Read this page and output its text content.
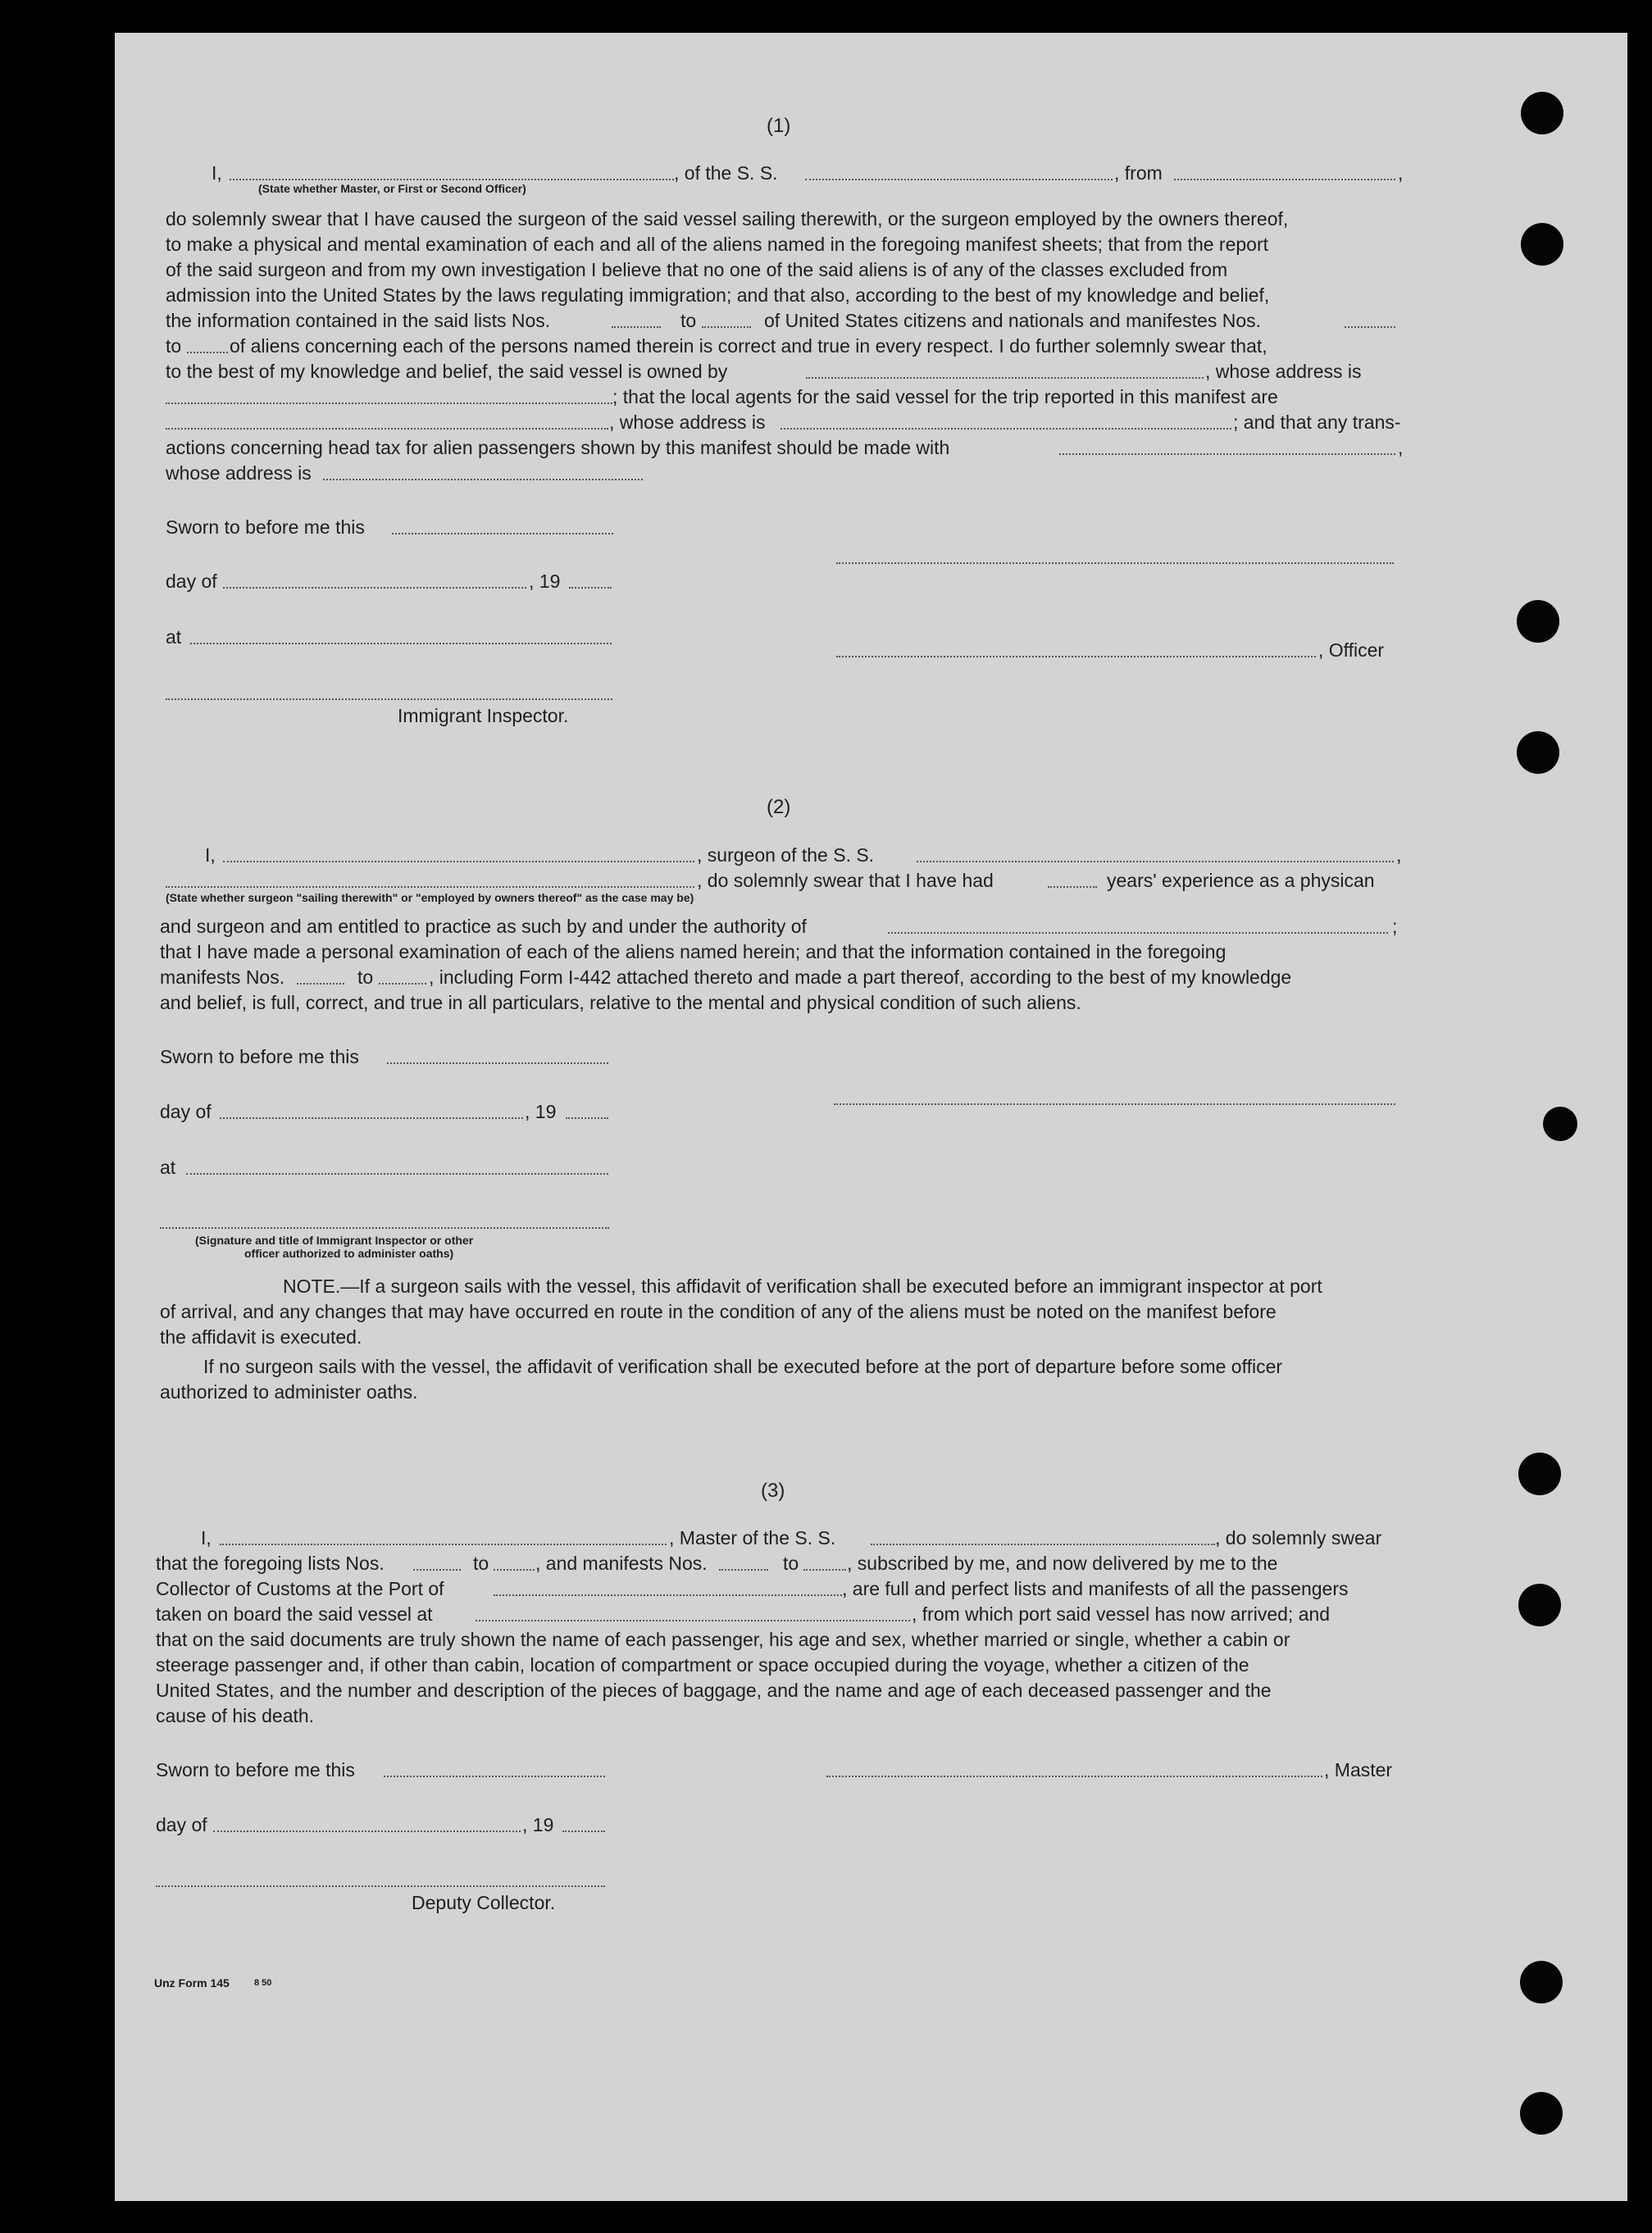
(1)
I,	, of the S. S.	, from	,
(State whether Master, or First or Second Officer)
do solemnly swear that I have caused the surgeon of the said vessel sailing therewith, or the surgeon employed by the owners thereof,
to make a physical and mental examination of each and all of the aliens named in the foregoing manifest sheets; that from the report
of the said surgeon and from my own investigation I believe that no one of the said aliens is of any of the classes excluded from
admission into the United States by the laws regulating immigration; and that also, according to the best of my knowledge and belief,
the information contained in the said lists Nos.	to	of United States citizens and nationals and manifestes Nos.
to	of aliens concerning each of the persons named therein is correct and true in every respect. I do further solemnly swear that,
to the best of my knowledge and belief, the said vessel is owned by	, whose address is
; that the local agents for the said vessel for the trip reported in this manifest are
, whose address is	; and that any trans-
actions concerning head tax for alien passengers shown by this manifest should be made with	,
whose address is
Sworn to before me this
day of	, 19
at
, Officer
Immigrant Inspector.
(2)
I,	, surgeon of the S. S.	,
, do solemnly swear that I have had	years' experience as a physican
(State whether surgeon "sailing therewith" or "employed by owners thereof" as the case may be)
and surgeon and am entitled to practice as such by and under the authority of	;
that I have made a personal examination of each of the aliens named herein; and that the information contained in the foregoing
manifests Nos.	to	, including Form I-442 attached thereto and made a part thereof, according to the best of my knowledge
and belief, is full, correct, and true in all particulars, relative to the mental and physical condition of such aliens.
Sworn to before me this
day of	, 19
at
(Signature and title of Immigrant Inspector or other
officer authorized to administer oaths)
NOTE.—If a surgeon sails with the vessel, this affidavit of verification shall be executed before an immigrant inspector at port
of arrival, and any changes that may have occurred en route in the condition of any of the aliens must be noted on the manifest before
the affidavit is executed.
If no surgeon sails with the vessel, the affidavit of verification shall be executed before at the port of departure before some officer
authorized to administer oaths.
(3)
I,	, Master of the S. S.	, do solemnly swear
that the foregoing lists Nos.	to , and manifests Nos.	to	, subscribed by me, and now delivered by me to the
Collector of Customs at the Port of	, are full and perfect lists and manifests of all the passengers
taken on board the said vessel at	, from which port said vessel has now arrived; and
that on the said documents are truly shown the name of each passenger, his age and sex, whether married or single, whether a cabin or
steerage passenger and, if other than cabin, location of compartment or space occupied during the voyage, whether a citizen of the
United States, and the number and description of the pieces of baggage, and the name and age of each deceased passenger and the
cause of his death.
Sworn to before me this	, Master
day of	, 19
Deputy Collector.
Unz Form 145	8 50
